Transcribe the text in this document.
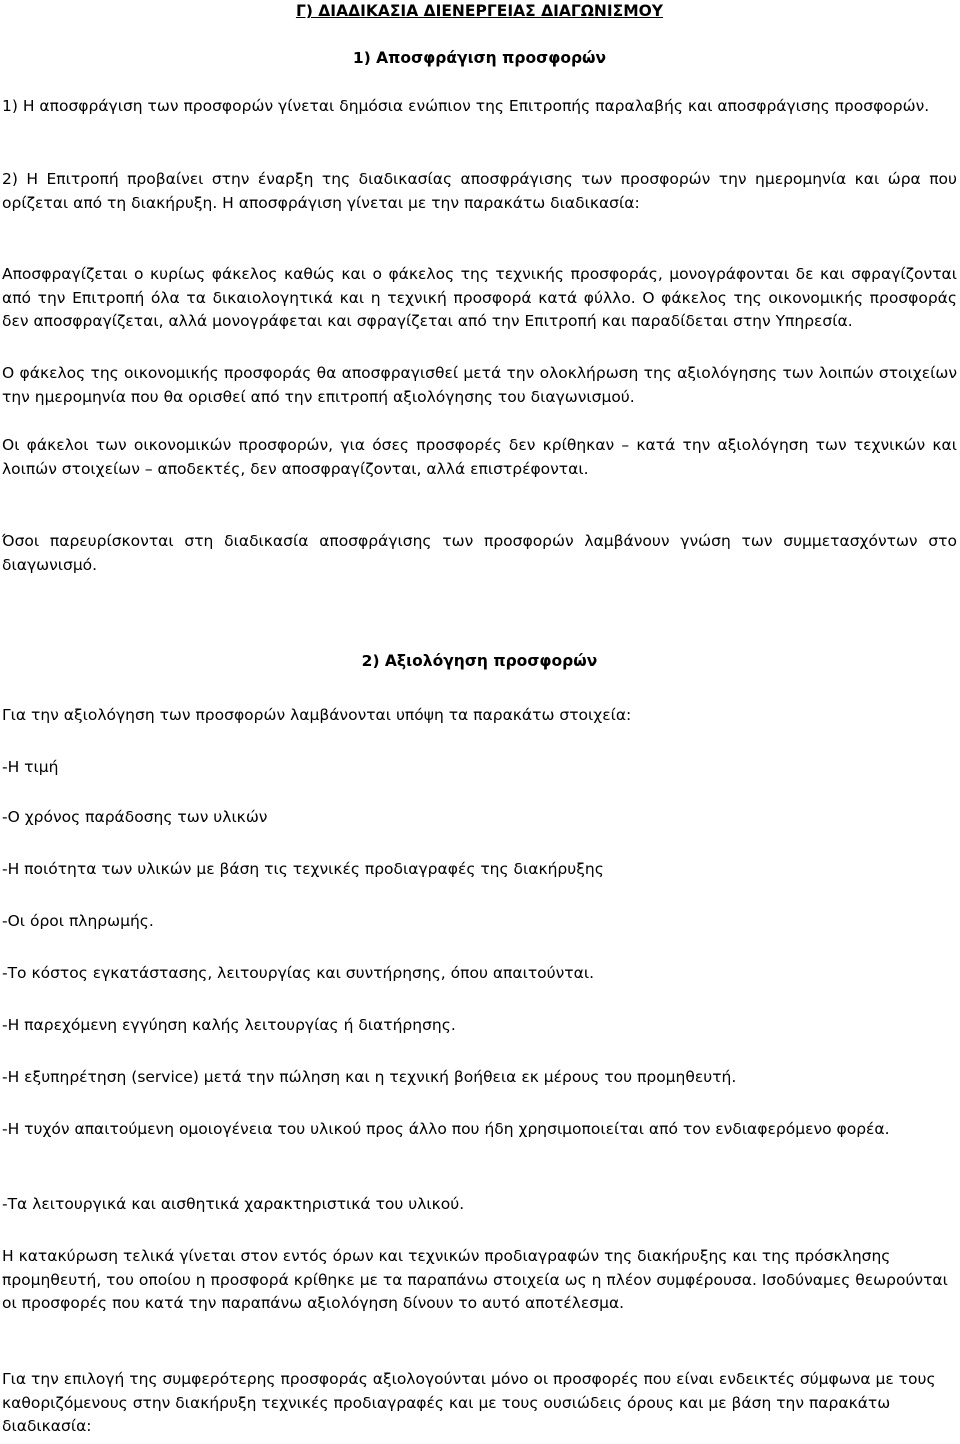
Γ) ΔΙΑΔΙΚΑΣΙΑ ΔΙΕΝΕΡΓΕΙΑΣ ΔΙΑΓΩΝΙΣΜΟΥ
1) Αποσφράγιση προσφορών

1) Η αποσφράγιση των προσφορών γίνεται δημόσια ενώπιον της Επιτροπής παραλαβής και αποσφράγισης προσφορών.

2) Η Επιτροπή προβαίνει στην έναρξη της διαδικασίας αποσφράγισης των προσφορών την ημερομηνία και ώρα που ορίζεται από τη διακήρυξη. Η αποσφράγιση γίνεται με την παρακάτω διαδικασία:

Αποσφραγίζεται ο κυρίως φάκελος καθώς και ο φάκελος της τεχνικής προσφοράς, μονογράφονται δε και σφραγίζονται από την Επιτροπή όλα τα δικαιολογητικά και η τεχνική προσφορά κατά φύλλο. Ο φάκελος της οικονομικής προσφοράς δεν αποσφραγίζεται, αλλά μονογράφεται και σφραγίζεται από την Επιτροπή και παραδίδεται στην Υπηρεσία.

Ο φάκελος της οικονομικής προσφοράς θα αποσφραγισθεί μετά την ολοκλήρωση της αξιολόγησης των λοιπών στοιχείων την ημερομηνία που θα ορισθεί από την επιτροπή αξιολόγησης του διαγωνισμού.

Οι φάκελοι των οικονομικών προσφορών, για όσες προσφορές δεν κρίθηκαν – κατά την αξιολόγηση των τεχνικών και λοιπών στοιχείων – αποδεκτές, δεν αποσφραγίζονται, αλλά επιστρέφονται.

Όσοι παρευρίσκονται στη διαδικασία αποσφράγισης των προσφορών λαμβάνουν γνώση των συμμετασχόντων στο διαγωνισμό.

2) Αξιολόγηση προσφορών

Για την αξιολόγηση των προσφορών λαμβάνονται υπόψη τα παρακάτω στοιχεία:

-Η τιμή

-Ο χρόνος παράδοσης των υλικών

-Η ποιότητα των υλικών με βάση τις τεχνικές προδιαγραφές της διακήρυξης

-Οι όροι πληρωμής.

-Το κόστος εγκατάστασης, λειτουργίας και συντήρησης, όπου απαιτούνται.

-Η παρεχόμενη εγγύηση καλής λειτουργίας ή διατήρησης.

-Η εξυπηρέτηση (service) μετά την πώληση και η τεχνική βοήθεια εκ μέρους του προμηθευτή.

-Η τυχόν απαιτούμενη ομοιογένεια του υλικού προς άλλο που ήδη χρησιμοποιείται από τον ενδιαφερόμενο φορέα.

-Τα λειτουργικά και αισθητικά χαρακτηριστικά του υλικού.

Η κατακύρωση τελικά γίνεται στον εντός όρων και τεχνικών προδιαγραφών της διακήρυξης και της πρόσκλησης προμηθευτή, του οποίου η προσφορά κρίθηκε με τα παραπάνω στοιχεία ως η πλέον συμφέρουσα. Ισοδύναμες θεωρούνται οι προσφορές που κατά την παραπάνω αξιολόγηση δίνουν το αυτό αποτέλεσμα.

Για την επιλογή της συμφερότερης προσφοράς αξιολογούνται μόνο οι προσφορές που είναι ενδεικτές σύμφωνα με τους καθοριζόμενους στην διακήρυξη τεχνικές προδιαγραφές και με τους ουσιώδεις όρους και με βάση την παρακάτω διαδικασία:
